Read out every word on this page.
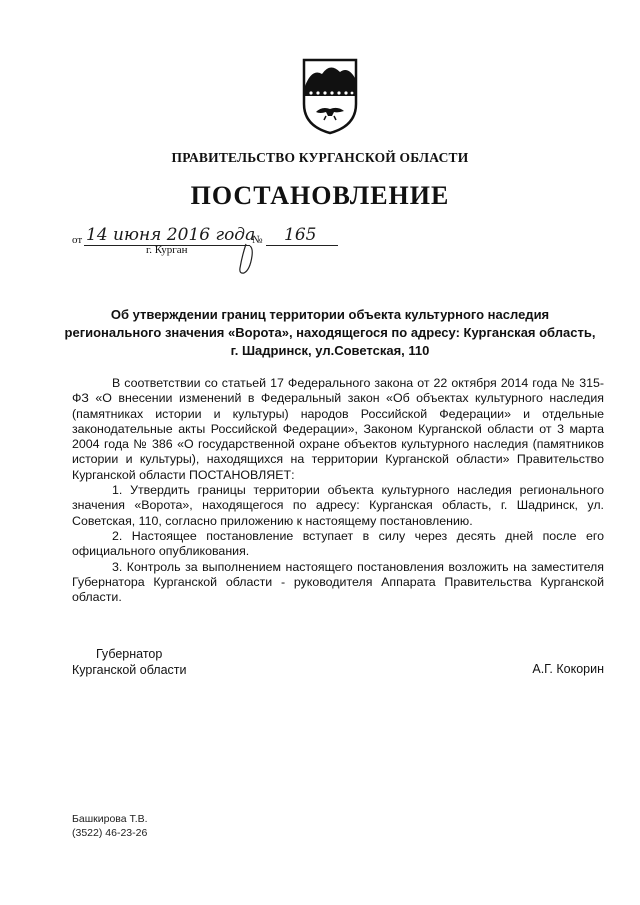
ПРАВИТЕЛЬСТВО КУРГАНСКОЙ ОБЛАСТИ
ПОСТАНОВЛЕНИЕ
от 14 июня 2016 года
№ 165
г. Курган
Об утверждении границ территории объекта культурного наследия
регионального значения «Ворота», находящегося по адресу: Курганская область,
г. Шадринск, ул.Советская, 110

В соответствии со статьей 17 Федерального закона от 22 октября 2014 года № 315-ФЗ «О внесении изменений в Федеральный закон «Об объектах культурного наследия (памятниках истории и культуры) народов Российской Федерации» и отдельные законодательные акты Российской Федерации», Законом Курганской области от 3 марта 2004 года № 386 «О государственной охране объектов культурного наследия (памятников истории и культуры), находящихся на территории Курганской области» Правительство Курганской области ПОСТАНОВЛЯЕТ:

1. Утвердить границы территории объекта культурного наследия регионального значения «Ворота», находящегося по адресу: Курганская область, г. Шадринск, ул. Советская, 110, согласно приложению к настоящему постановлению.

2. Настоящее постановление вступает в силу через десять дней после его официального опубликования.

3. Контроль за выполнением настоящего постановления возложить на заместителя Губернатора Курганской области - руководителя Аппарата Правительства Курганской области.

Губернатор
Курганской области	А.Г. Кокорин
Башкирова Т.В.
(3522) 46-23-26
